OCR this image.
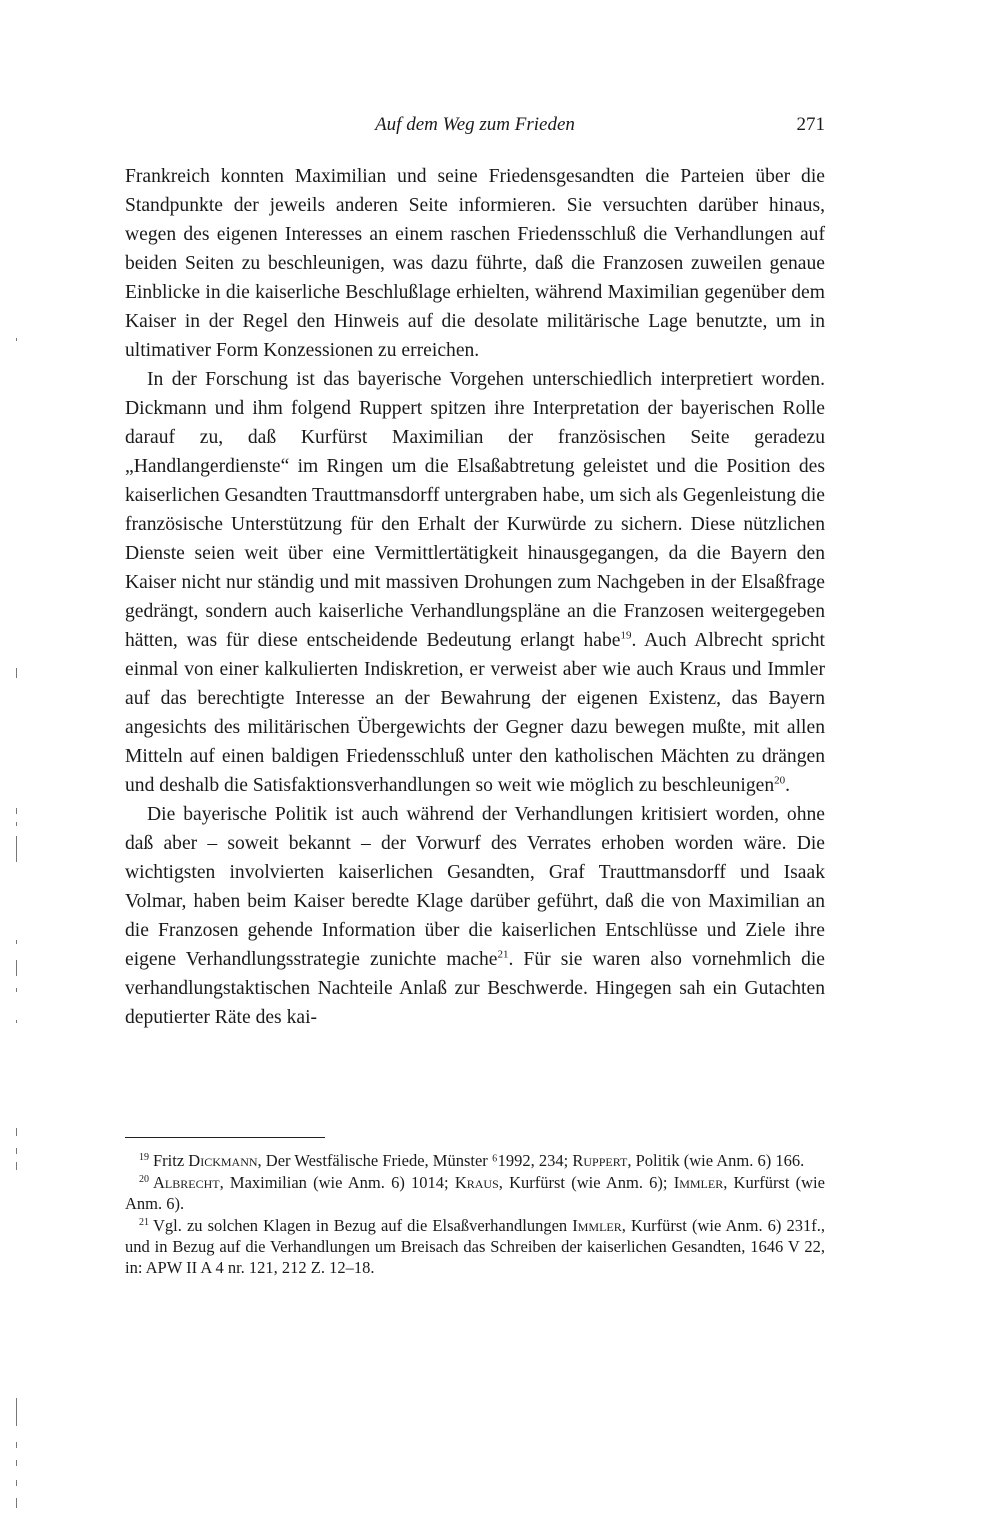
Auf dem Weg zum Frieden	271

Frankreich konnten Maximilian und seine Friedensgesandten die Parteien über die Standpunkte der jeweils anderen Seite informieren. Sie versuchten darüber hinaus, wegen des eigenen Interesses an einem raschen Friedensschluß die Verhandlungen auf beiden Seiten zu beschleunigen, was dazu führte, daß die Franzosen zuweilen genaue Einblicke in die kaiserliche Beschlußlage erhielten, während Maximilian gegenüber dem Kaiser in der Regel den Hinweis auf die desolate militärische Lage benutzte, um in ultimativer Form Konzessionen zu erreichen.

In der Forschung ist das bayerische Vorgehen unterschiedlich interpretiert worden. Dickmann und ihm folgend Ruppert spitzen ihre Interpretation der bayerischen Rolle darauf zu, daß Kurfürst Maximilian der französischen Seite geradezu „Handlangerdienste“ im Ringen um die Elsaßabtretung geleistet und die Position des kaiserlichen Gesandten Trauttmansdorff untergraben habe, um sich als Gegenleistung die französische Unterstützung für den Erhalt der Kurwürde zu sichern. Diese nützlichen Dienste seien weit über eine Vermittlertätigkeit hinausgegangen, da die Bayern den Kaiser nicht nur ständig und mit massiven Drohungen zum Nachgeben in der Elsaßfrage gedrängt, sondern auch kaiserliche Verhandlungspläne an die Franzosen weitergegeben hätten, was für diese entscheidende Bedeutung erlangt habe$^{19}$. Auch Albrecht spricht einmal von einer kalkulierten Indiskretion, er verweist aber wie auch Kraus und Immler auf das berechtigte Interesse an der Bewahrung der eigenen Existenz, das Bayern angesichts des militärischen Übergewichts der Gegner dazu bewegen mußte, mit allen Mitteln auf einen baldigen Friedensschluß unter den katholischen Mächten zu drängen und deshalb die Satisfaktionsverhandlungen so weit wie möglich zu beschleunigen$^{20}$.

Die bayerische Politik ist auch während der Verhandlungen kritisiert worden, ohne daß aber – soweit bekannt – der Vorwurf des Verrates erhoben worden wäre. Die wichtigsten involvierten kaiserlichen Gesandten, Graf Trauttmansdorff und Isaak Volmar, haben beim Kaiser beredte Klage darüber geführt, daß die von Maximilian an die Franzosen gehende Information über die kaiserlichen Entschlüsse und Ziele ihre eigene Verhandlungsstrategie zunichte mache$^{21}$. Für sie waren also vornehmlich die verhandlungstaktischen Nachteile Anlaß zur Beschwerde. Hingegen sah ein Gutachten deputierter Räte des kai-

$^{19}$ Fritz Dickmann, Der Westfälische Friede, Münster ⁶1992, 234; Ruppert, Politik (wie Anm. 6) 166.

$^{20}$ Albrecht, Maximilian (wie Anm. 6) 1014; Kraus, Kurfürst (wie Anm. 6); Immler, Kurfürst (wie Anm. 6).

$^{21}$ Vgl. zu solchen Klagen in Bezug auf die Elsaßverhandlungen Immler, Kurfürst (wie Anm. 6) 231f., und in Bezug auf die Verhandlungen um Breisach das Schreiben der kaiserlichen Gesandten, 1646 V 22, in: APW II A 4 nr. 121, 212 Z. 12–18.
